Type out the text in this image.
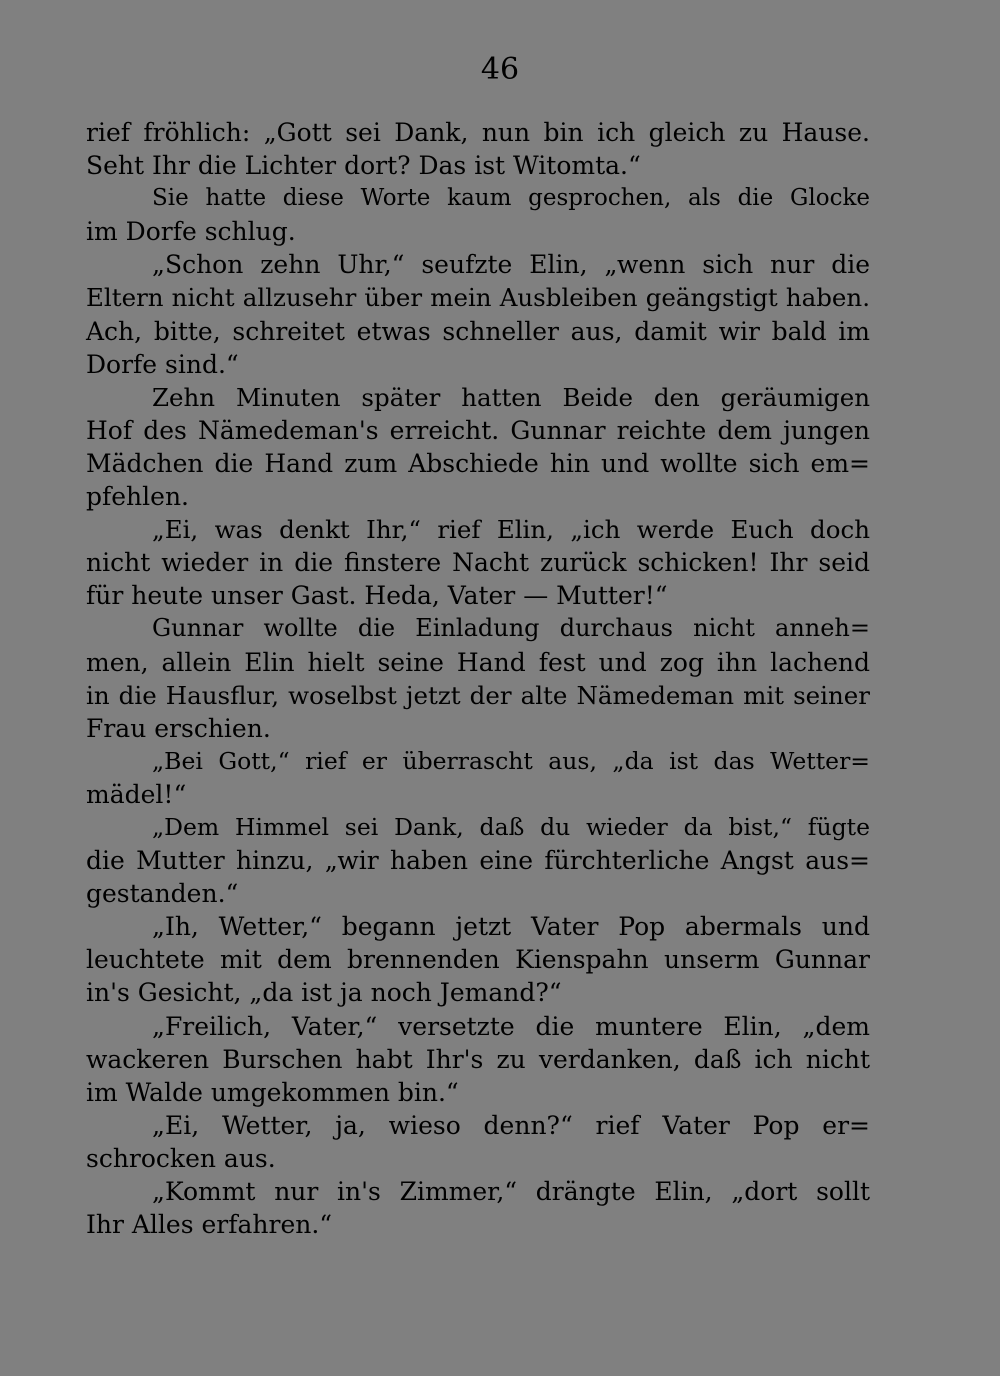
46
rief fröhlich: „Gott sei Dank, nun bin ich gleich zu Hause.
Seht Ihr die Lichter dort? Das ist Witomta.“
Sie hatte diese Worte kaum gesprochen, als die Glocke
im Dorfe schlug.
„Schon zehn Uhr,“ seufzte Elin, „wenn sich nur die
Eltern nicht allzusehr über mein Ausbleiben geängstigt haben.
Ach, bitte, schreitet etwas schneller aus, damit wir bald im
Dorfe sind.“
Zehn Minuten später hatten Beide den geräumigen
Hof des Nämedeman's erreicht. Gunnar reichte dem jungen
Mädchen die Hand zum Abschiede hin und wollte sich em=
pfehlen.
„Ei, was denkt Ihr,“ rief Elin, „ich werde Euch doch
nicht wieder in die finstere Nacht zurück schicken! Ihr seid
für heute unser Gast. Heda, Vater — Mutter!“
Gunnar wollte die Einladung durchaus nicht anneh=
men, allein Elin hielt seine Hand fest und zog ihn lachend
in die Hausflur, woselbst jetzt der alte Nämedeman mit seiner
Frau erschien.
„Bei Gott,“ rief er überrascht aus, „da ist das Wetter=
mädel!“
„Dem Himmel sei Dank, daß du wieder da bist,“ fügte
die Mutter hinzu, „wir haben eine fürchterliche Angst aus=
gestanden.“
„Ih, Wetter,“ begann jetzt Vater Pop abermals und
leuchtete mit dem brennenden Kienspahn unserm Gunnar
in's Gesicht, „da ist ja noch Jemand?“
„Freilich, Vater,“ versetzte die muntere Elin, „dem
wackeren Burschen habt Ihr's zu verdanken, daß ich nicht
im Walde umgekommen bin.“
„Ei, Wetter, ja, wieso denn?“ rief Vater Pop er=
schrocken aus.
„Kommt nur in's Zimmer,“ drängte Elin, „dort sollt
Ihr Alles erfahren.“
